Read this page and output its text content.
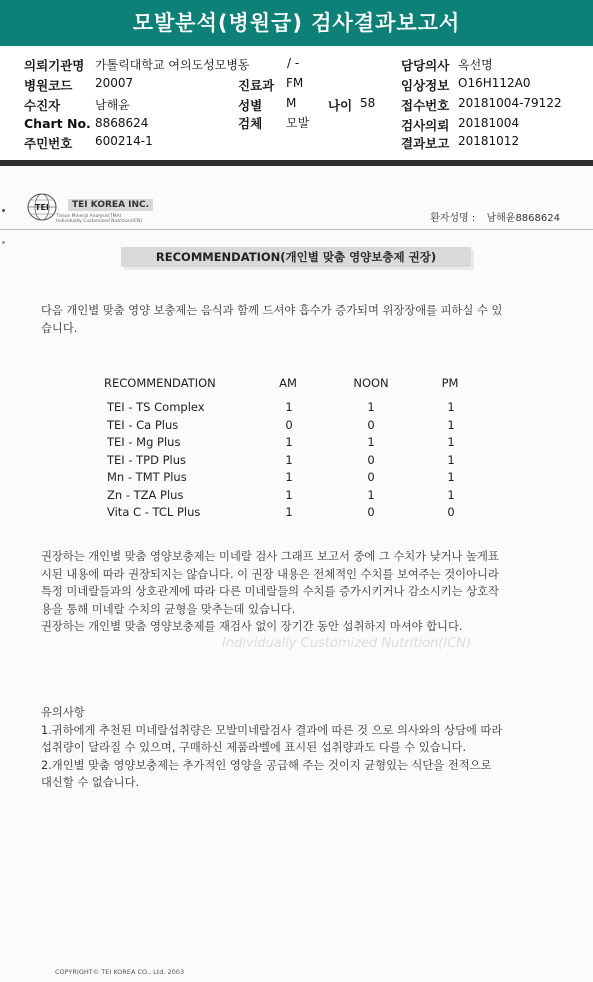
모발분석(병원급) 검사결과보고서
의뢰기관명 가톨릭대학교 여의도성모병동	/ -	담당의사 옥선명
병원코드 20007	진료과 FM	임상정보 O16H112A0
수진자	남해윤	성별 M	나이 58 접수번호 20181004-79122
Chart No. 8868624	검체 모발	검사의뢰 20181004
주민번호 600214-1	결과보고 20181012
TEI	TEI KOREA INC.
Tissue Mineral Analysis(TMA)
Individually Customized Nutrition(ICN)	환자성명 : 남해윤8868624
RECOMMENDATION(개인별 맞춤 영양보충제 권장)
다음 개인별 맞춤 영양 보충제는 음식과 함께 드셔야 흡수가 증가되며 위장장애를 피하실 수 있
습니다.
RECOMMENDATION	AM	NOON	PM
TEI - TS Complex	1	1	1
TEI - Ca Plus	0	0	1
TEI - Mg Plus	1	1	1
TEI - TPD Plus	1	0	1
Mn - TMT Plus	1	0	1
Zn - TZA Plus	1	1	1
Vita C - TCL Plus	1	0	0
Individually Customized Nutrition(ICN)
권장하는 개인별 맞춤 영양보충제는 미네랄 검사 그래프 보고서 중에 그 수치가 낮거나 높게표
시된 내용에 따라 권장되지는 않습니다. 이 권장 내용은 전체적인 수치를 보여주는 것이아니라
특정 미네랄들과의 상호관계에 따라 다른 미네랄들의 수치를 증가시키거나 감소시키는 상호작
용을 통해 미네랄 수치의 균형을 맞추는데 있습니다.
권장하는 개인별 맞춤 영양보충제를 재검사 없이 장기간 동안 섭취하지 마셔야 합니다.
유의사항
1.귀하에게 추천된 미네랄섭취량은 모발미네랄검사 결과에 따른 것 으로 의사와의 상담에 따라
섭취량이 달라질 수 있으며, 구매하신 제품라벨에 표시된 섭취량과도 다를 수 있습니다.
2.개인별 맞춤 영양보충제는 추가적인 영양을 공급해 주는 것이지 균형있는 식단을 전적으로
대신할 수 없습니다.
COPYRIGHT© TEI KOREA CO., Ltd. 2003
